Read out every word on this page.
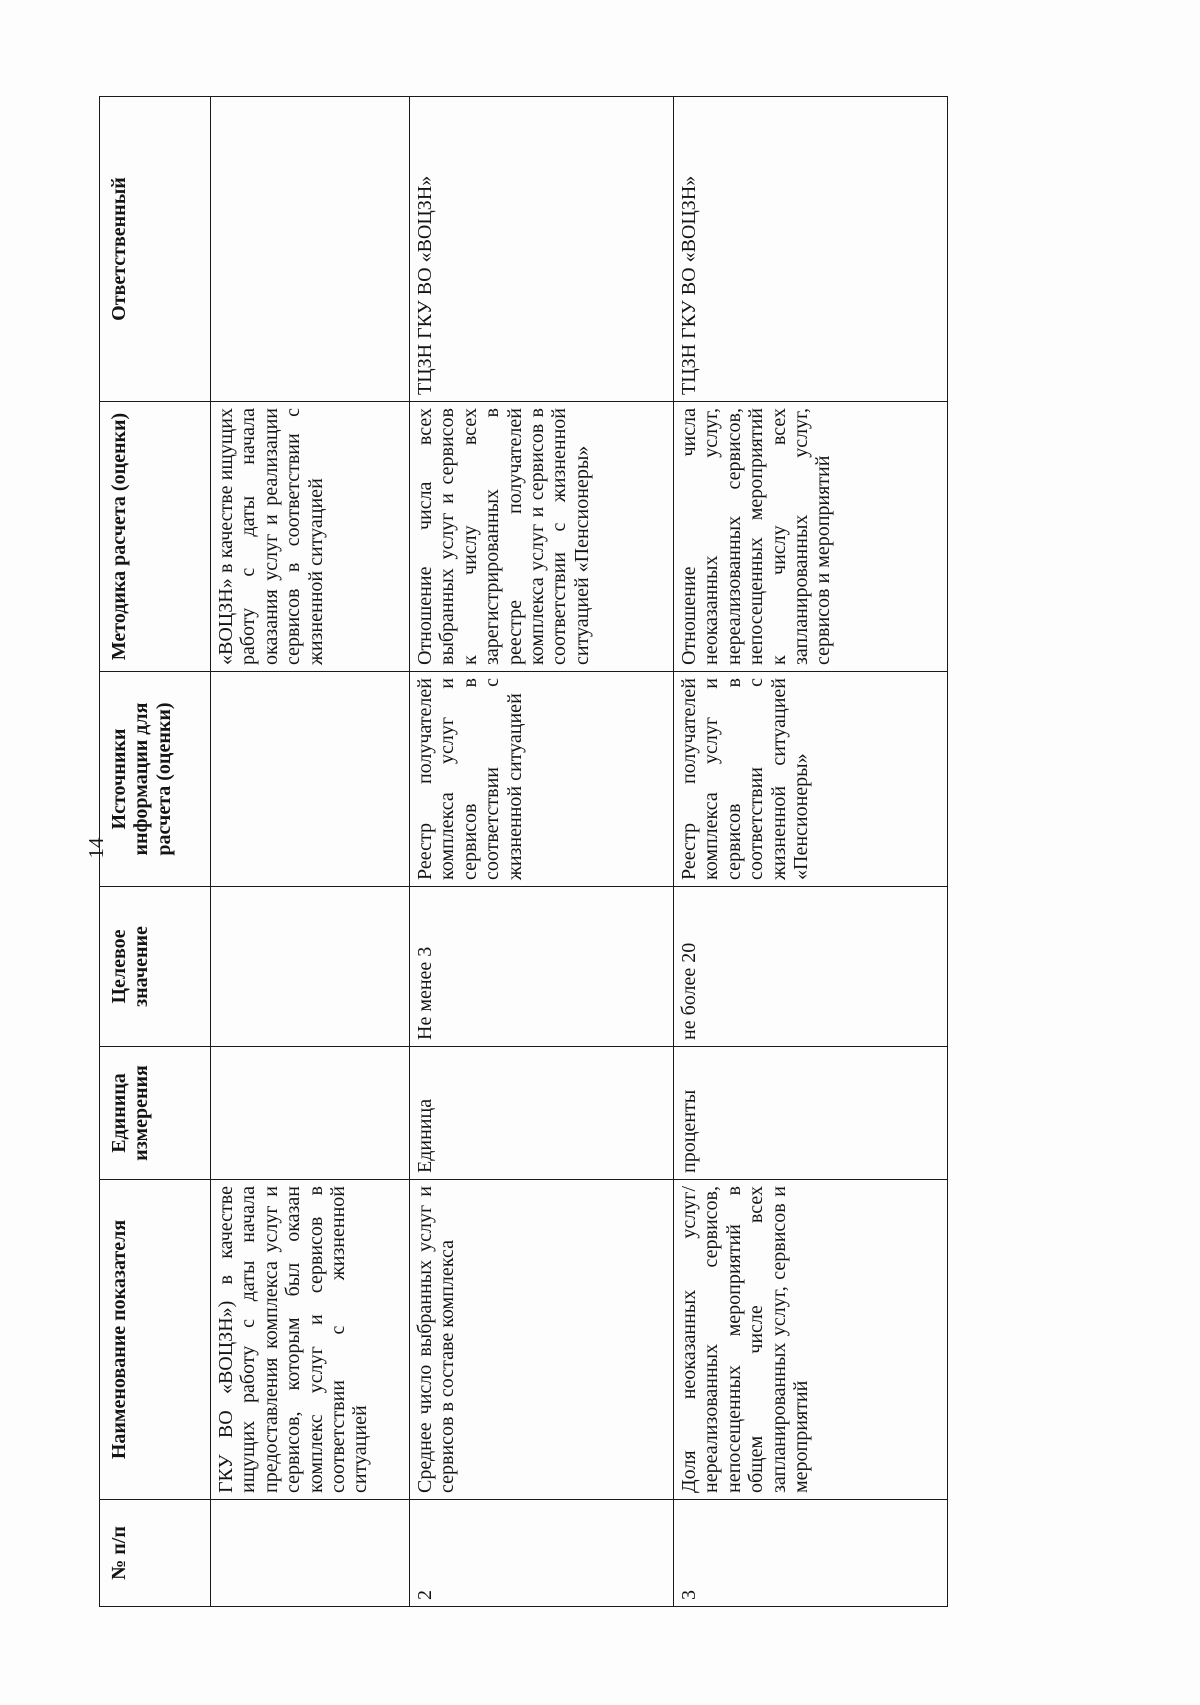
14
№ п/п	Наименование показателя	Единица измерения	Целевое значение	Источники информации для расчета (оценки)	Методика расчета (оценки)	Ответственный
	ГКУ ВО «ВОЦЗН») в качестве ищущих работу с даты начала предоставления комплекса услуг и сервисов, которым был оказан комплекс услуг и сервисов в соответствии с жизненной ситуацией				«ВОЦЗН» в качестве ищущих работу с даты начала оказания услуг и реализации сервисов в соответствии с жизненной ситуацией	
2	Среднее число выбранных услуг и сервисов в составе комплекса	Единица	Не менее 3	Реестр получателей комплекса услуг и сервисов в соответствии с жизненной ситуацией	Отношение числа всех выбранных услуг и сервисов к числу всех зарегистрированных в реестре получателей комплекса услуг и сервисов в соответствии с жизненной ситуацией «Пенсионеры»	ТЦЗН ГКУ ВО «ВОЦЗН»
3	Доля неоказанных услуг/нереализованных сервисов, непосещенных мероприятий в общем числе всех запланированных услуг, сервисов и мероприятий	проценты	не более 20	Реестр получателей комплекса услуг и сервисов в соответствии с жизненной ситуацией «Пенсионеры»	Отношение числа неоказанных услуг, нереализованных сервисов, непосещенных мероприятий к числу всех запланированных услуг, сервисов и мероприятий	ТЦЗН ГКУ ВО «ВОЦЗН»
